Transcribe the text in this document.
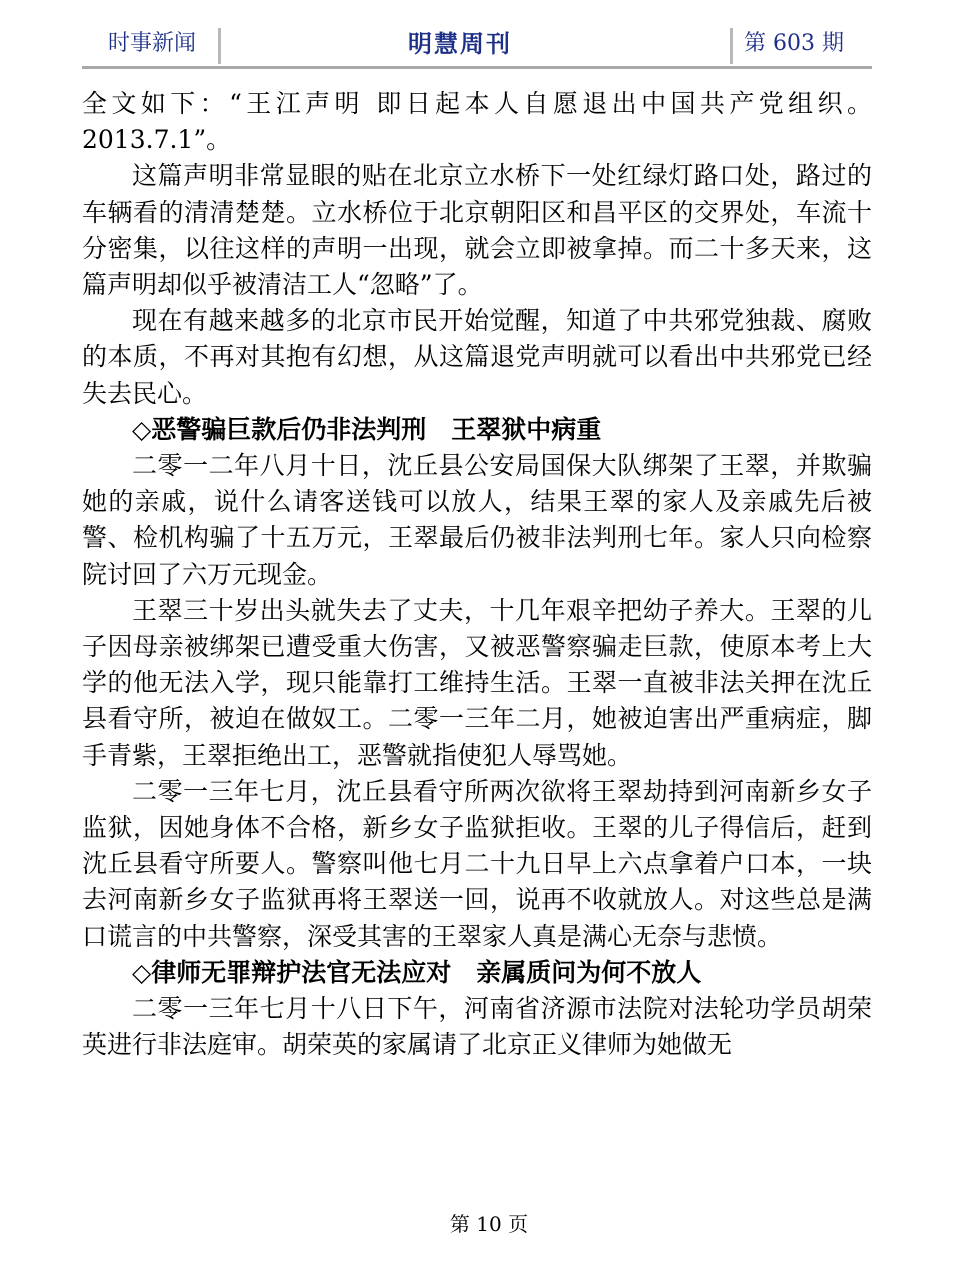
时事新闻	明慧周刊	第 603 期

全文如下：“王江声明 即日起本人自愿退出中国共产党组织。2013.7.1”。

这篇声明非常显眼的贴在北京立水桥下一处红绿灯路口处，路过的车辆看的清清楚楚。立水桥位于北京朝阳区和昌平区的交界处，车流十分密集，以往这样的声明一出现，就会立即被拿掉。而二十多天来，这篇声明却似乎被清洁工人“忽略”了。

现在有越来越多的北京市民开始觉醒，知道了中共邪党独裁、腐败的本质，不再对其抱有幻想，从这篇退党声明就可以看出中共邪党已经失去民心。

◇恶警骗巨款后仍非法判刑　王翠狱中病重

二零一二年八月十日，沈丘县公安局国保大队绑架了王翠，并欺骗她的亲戚，说什么请客送钱可以放人，结果王翠的家人及亲戚先后被警、检机构骗了十五万元，王翠最后仍被非法判刑七年。家人只向检察院讨回了六万元现金。

王翠三十岁出头就失去了丈夫，十几年艰辛把幼子养大。王翠的儿子因母亲被绑架已遭受重大伤害，又被恶警察骗走巨款，使原本考上大学的他无法入学，现只能靠打工维持生活。王翠一直被非法关押在沈丘县看守所，被迫在做奴工。二零一三年二月，她被迫害出严重病症，脚手青紫，王翠拒绝出工，恶警就指使犯人辱骂她。

二零一三年七月，沈丘县看守所两次欲将王翠劫持到河南新乡女子监狱，因她身体不合格，新乡女子监狱拒收。王翠的儿子得信后，赶到沈丘县看守所要人。警察叫他七月二十九日早上六点拿着户口本，一块去河南新乡女子监狱再将王翠送一回，说再不收就放人。对这些总是满口谎言的中共警察，深受其害的王翠家人真是满心无奈与悲愤。

◇律师无罪辩护法官无法应对　亲属质问为何不放人

二零一三年七月十八日下午，河南省济源市法院对法轮功学员胡荣英进行非法庭审。胡荣英的家属请了北京正义律师为她做无

第 10 页
